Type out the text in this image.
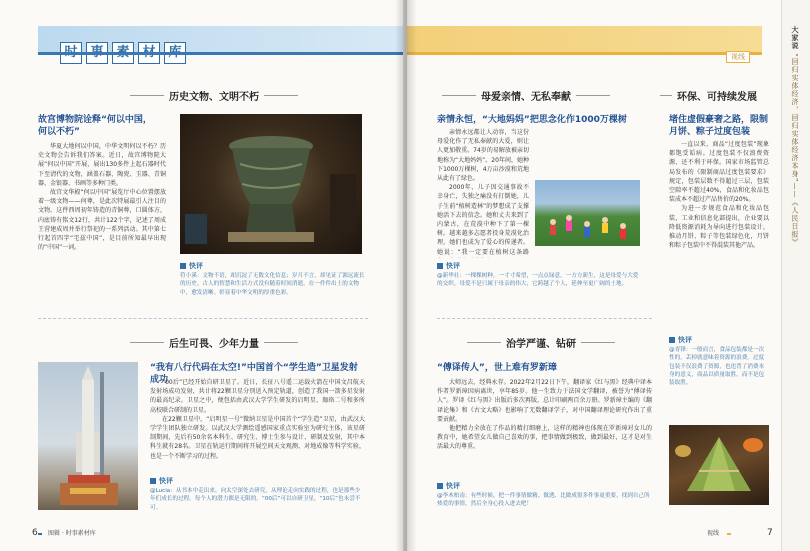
历史文物、文明不朽
故宫博物院诠释“何以中国，何以不朽”

华夏大地何以中国，中华文明何以不朽？历史文物会告诉我们答案。近日，故宫博物院大展“何以中国”开展，展出130多件上起石器时代下至清代的文物，涵盖石器、陶瓷、玉器、青铜器、金银器、书画等多种门类。

故宫文华殿“何以中国”展览厅中心位置摆放着一级文物——何尊，是此次特展最引人注目的文物。这件西周初年铸造的青铜尊，口圆体方，内底铸有铭文12行，共计122个字，记述了周成王营建成周并举行祭祀的一系列活动。其中第七行起首四字“宅兹中国”，是目前所知最早出现的“中国”一词。

快评
符小溪：文物不语，却沉淀了无数文化信息；岁月不言，却见证了源远流长的历史。古人的智慧和生活方式没有随着时间消逝，在一件件出土的文物中，愈发清晰。彰显着中华文明的厚重色彩。
后生可畏、少年力量
“我有八行代码在太空!”中国首个“学生造”卫星发射成功

“00后”已经开始自研卫星了。近日，长征八号遥二运载火箭在中国文昌航天发射场成功发射，共计将22颗卫星分别送入预定轨道，创造了我国一箭多星发射的最高纪录。卫星之中，便包括由武汉大学学生研发的启明星、珈珞二号和多所高校联合研制的卫星。

在22颗卫星中，“启明星一号”微纳卫星是中国首个“学生造”卫星，由武汉大学学生团队独立研发。以武汉大学测绘遥感国家重点实验室为研究主体，该星研制期间，先后有50余名本科生、研究生、博士生参与设计、研制及发射，其中本科生就有28名。卫星在轨运行期间将开展空间天文观测、对地成像等科学实验，也是一个不断学习的过程。

快评
@Lucia：从书本中走出来，向太空深处去研究，从理论走向实践的过程，也是那些少年们成长的过程。每个人的潜力都是无限的。“00后”可以自研卫星，“10后”也未尝不可。
6 图辑 · 时事素材库
视线
母爱亲情、无私奉献
亲情永恒，“大地妈妈”把思念化作1000万棵树

亲情永远都让人动容，当这份母爱化作了无私奉献的大爱，则让人更加敬重。74岁的易解放被亲切地称为“大地妈妈”。20年间，她种下1000万棵树，4万亩沙漠和荒地从此有了绿色。

2000年，儿子因交通事故不幸身亡，失独之痛没有打倒她，儿子生前“植树造林”的梦想成了支撑她活下去的信念。她和丈夫来到了内蒙古，在荒漠中种下了第一棵树。越来越多志愿者投身荒漠化治理，她们也成为了爱心的传递者。她说：“我一定要在植树这条路

快评
@新华社：一棵棵树种，一寸寸希望，一点点绿意，一方方新生，这是母爱与大爱的交织。母爱不是只属于母亲的伟大，它跨越了个人，延伸至更广阔的土地。
环保、可持续发展
堵住虚假豪奢之路，限制月饼、粽子过度包装

一直以来，商品“过度包装”现象都饱受诟病。过度包装不仅浪费资源、还不利于环保。国家市场监管总局发布的《限制商品过度包装要求》规定，包装层数不得超过三层，包装空隙率不超过40%，食品和化妆品包装成本不超过产品售价的20%。

为进一步规范食品和化妆品包装，工业和信息化部提出，企业要以降低资源消耗为导向进行包装设计，推动月饼、粽子等包装绿色化，月饼和粽子包装中不得混装其他产品。

快评
@青锋：一般而言，食品包装都是一次性的，丢掉就意味着资源的浪费。过度包装不仅浪费了资源，也违背了消费本身的意义，商品以质量取胜，而不是包装取胜。
治学严谨、钻研
“傅译传人”，世上难有罗新璋

大师远去，经典永存。2022年2月22日下午，翻译家《红与黑》经典中译本作者罗新璋因病离世，享年85岁。他一生致力于法国文学翻译，被誉为“傅译传人”。罗译《红与黑》出版后多次再版，总计印刷两百余万册。罗新璋主编的《翻译论集》和《古文大略》也影响了无数翻译学子，对中国翻译理论研究作出了重要贡献。

他把精力全放在了作品的精打细磨上，这样的精神也体现在罗新璋对女儿的教育中，她希望女儿做自己喜欢的事，把事情做到极致，做到最好，这才是对生活最大的尊重。

快评
@李木柏南：有些时候，把一件事情做精、做透、比做成很多件事更重要。找到自己所热爱的事情，然后全身心投入进去吧！
视线	7
大家说 “回归实体经济，回归实体经济本身”——《人民日报》
